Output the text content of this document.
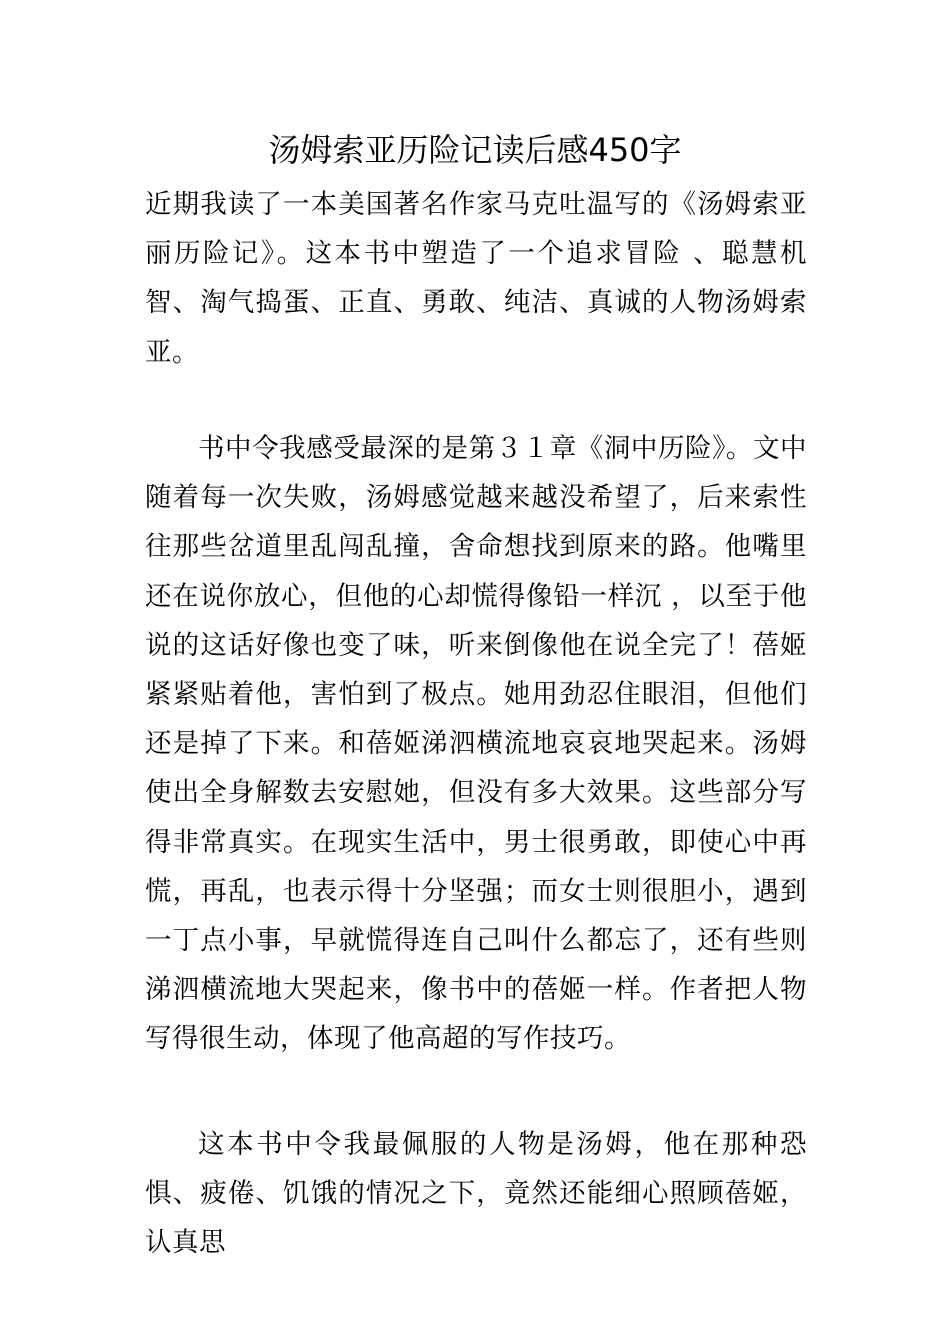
汤姆索亚历险记读后感450字

近期我读了一本美国著名作家马克吐温写的《汤姆索亚丽历险记》。这本书中塑造了一个追求冒险 、聪慧机智、淘气捣蛋、正直、勇敢、纯洁、真诚的人物汤姆索亚。

书中令我感受最深的是第３１章《洞中历险》。文中随着每一次失败，汤姆感觉越来越没希望了，后来索性往那些岔道里乱闯乱撞，舍命想找到原来的路。他嘴里还在说你放心，但他的心却慌得像铅一样沉 ，以至于他说的这话好像也变了味，听来倒像他在说全完了！蓓姬紧紧贴着他，害怕到了极点。她用劲忍住眼泪，但他们还是掉了下来。和蓓姬涕泗横流地哀哀地哭起来。汤姆使出全身解数去安慰她，但没有多大效果。这些部分写得非常真实。在现实生活中，男士很勇敢，即使心中再慌，再乱，也表示得十分坚强；而女士则很胆小，遇到一丁点小事，早就慌得连自己叫什么都忘了，还有些则涕泗横流地大哭起来，像书中的蓓姬一样。作者把人物写得很生动，体现了他高超的写作技巧。

这本书中令我最佩服的人物是汤姆，他在那种恐惧、疲倦、饥饿的情况之下，竟然还能细心照顾蓓姬，认真思
